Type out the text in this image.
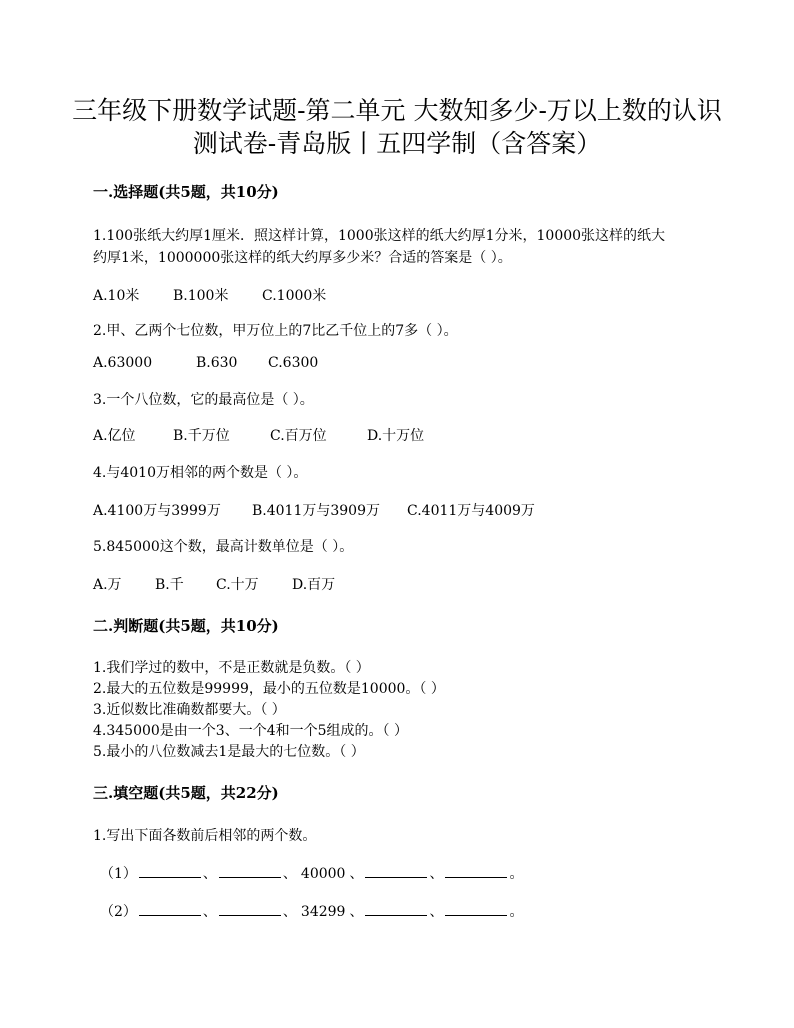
三年级下册数学试题-第二单元 大数知多少-万以上数的认识
测试卷-青岛版丨五四学制（含答案）
一.选择题(共5题，共10分)
1.100张纸大约厚1厘米．照这样计算，1000张这样的纸大约厚1分米，10000张这样的纸大
约厚1米，1000000张这样的纸大约厚多少米？合适的答案是（ ）。
A.10米 B.100米 C.1000米
2.甲、乙两个七位数，甲万位上的7比乙千位上的7多（ ）。
A.63000	B.630 C.6300
3.一个八位数，它的最高位是（ ）。
A.亿位	B.千万位	C.百万位	D.十万位
4.与4010万相邻的两个数是（ ）。
A.4100万与3999万 B.4011万与3909万 C.4011万与4009万
5.845000这个数，最高计数单位是（ ）。
A.万 B.千 C.十万 D.百万
二.判断题(共5题，共10分)
1.我们学过的数中，不是正数就是负数。（ ）
2.最大的五位数是99999，最小的五位数是10000。（ ）
3.近似数比准确数都要大。（ ）
4.345000是由一个3、一个4和一个5组成的。（ ）
5.最小的八位数减去1是最大的七位数。（ ）
三.填空题(共5题，共22分)
1.写出下面各数前后相邻的两个数。
（1）	、	、 40000 、	、	。
（2）	、	、 34299 、	、	。
